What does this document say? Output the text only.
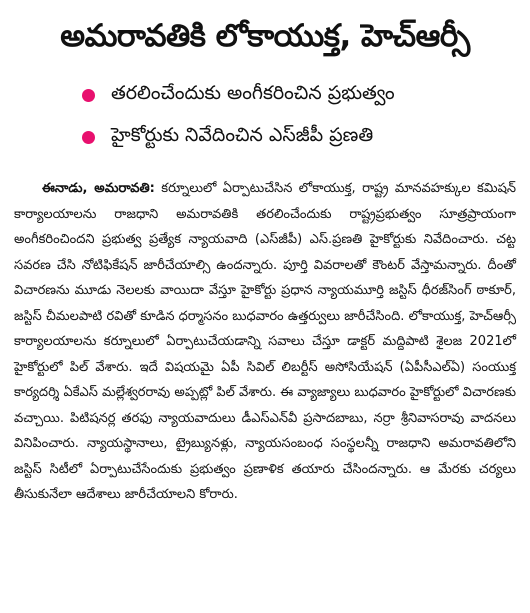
అమరావతికి లోకాయుక్త, హెచ్‌ఆర్సీ
తరలించేందుకు అంగీకరించిన ప్రభుత్వం
హైకోర్టుకు నివేదించిన ఎస్‌జీపీ ప్రణతి

ఈనాడు, అమరావతి: కర్నూలులో ఏర్పాటుచేసిన లోకాయుక్త, రాష్ట్ర మానవహక్కుల కమిషన్ కార్యాలయాలను రాజధాని అమరావతికి తరలించేందుకు రాష్ట్రప్రభుత్వం సూత్రప్రాయంగా అంగీకరించిందని ప్రభుత్వ ప్రత్యేక న్యాయవాది (ఎస్‌జీపీ) ఎస్.ప్రణతి హైకోర్టుకు నివేదించారు. చట్ట సవరణ చేసి నోటిఫికేషన్ జారీచేయాల్సి ఉందన్నారు. పూర్తి వివరాలతో కౌంటర్ వేస్తామన్నారు. దీంతో విచారణను మూడు నెలలకు వాయిదా వేస్తూ హైకోర్టు ప్రధాన న్యాయమూర్తి జస్టిస్ ధీరజ్‌సింగ్ ఠాకూర్, జస్టిస్ చీమలపాటి రవితో కూడిన ధర్మాసనం బుధవారం ఉత్తర్వులు జారీచేసింది. లోకాయుక్త, హెచ్‌ఆర్సీ కార్యాలయాలను కర్నూలులో ఏర్పాటుచేయడాన్ని సవాలు చేస్తూ డాక్టర్ మద్దిపాటి శైలజ 2021లో హైకోర్టులో పిల్ వేశారు. ఇదే విషయమై ఏపీ సివిల్ లిబర్టీస్ అసోసియేషన్ (ఏపీసీఎల్ఏ) సంయుక్త కార్యదర్శి ఏకేఎస్ మల్లేశ్వరరావు అప్పట్లో పిల్ వేశారు. ఈ వ్యాజ్యాలు బుధవారం హైకోర్టులో విచారణకు వచ్చాయి. పిటిషనర్ల తరఫు న్యాయవాదులు డీఎస్ఎన్‌వీ ప్రసాదబాబు, నర్రా శ్రీనివాసరావు వాదనలు వినిపించారు. న్యాయస్థానాలు, ట్రైబ్యునళ్లు, న్యాయసంబంధ సంస్థలన్నీ రాజధాని అమరావతిలోని జస్టిస్ సిటీలో ఏర్పాటుచేసేందుకు ప్రభుత్వం ప్రణాళిక తయారు చేసిందన్నారు. ఆ మేరకు చర్యలు తీసుకునేలా ఆదేశాలు జారీచేయాలని కోరారు.
